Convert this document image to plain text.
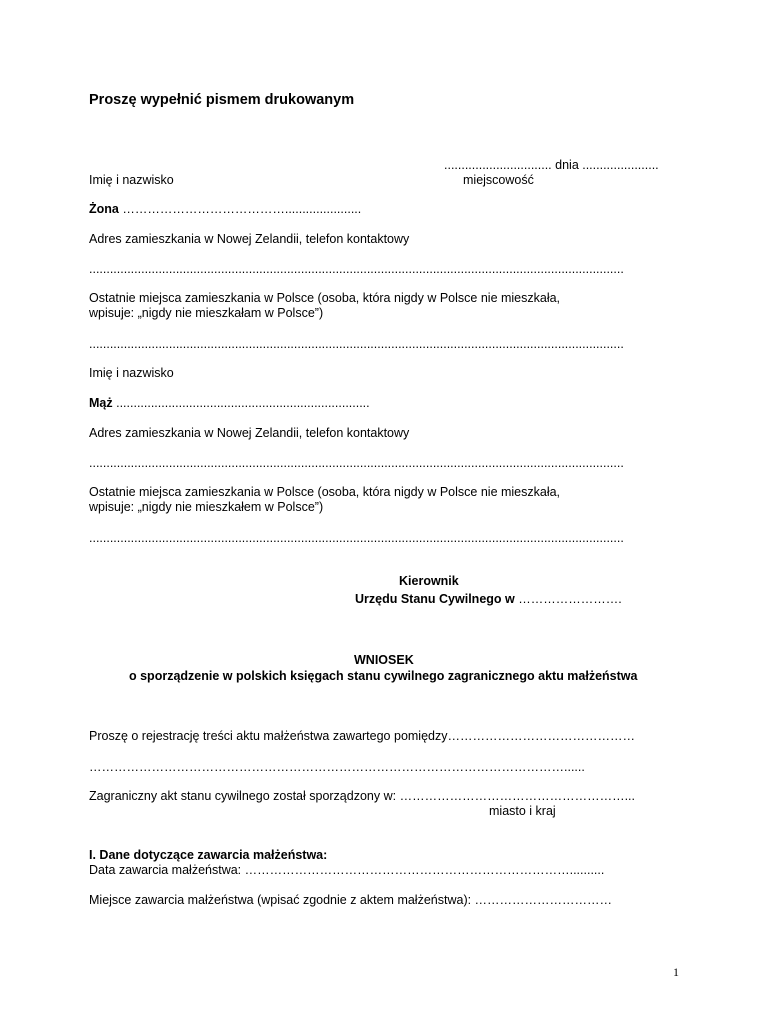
Proszę wypełnić pismem drukowanym
............................... dnia ......................
miejscowość
Imię i nazwisko
Żona …………………………………......................
Adres zamieszkania w Nowej Zelandii, telefon kontaktowy
..........................................................................................................................................................
Ostatnie miejsca zamieszkania w Polsce (osoba, która nigdy w Polsce nie mieszkała,
wpisuje: „nigdy nie mieszkałam w Polsce”)
..........................................................................................................................................................
Imię i nazwisko
Mąż .........................................................................
Adres zamieszkania w Nowej Zelandii, telefon kontaktowy
..........................................................................................................................................................
Ostatnie miejsca zamieszkania w Polsce (osoba, która nigdy w Polsce nie mieszkała,
wpisuje: „nigdy nie mieszkałem w Polsce”)
..........................................................................................................................................................
Kierownik
Urzędu Stanu Cywilnego w …………………….
WNIOSEK
o sporządzenie w polskich księgach stanu cywilnego zagranicznego aktu małżeństwa
Proszę o rejestrację treści aktu małżeństwa zawartego pomiędzy………………………………………
……………………………………………………………………………………………………......
Zagraniczny akt stanu cywilnego został sporządzony w: ………………………………………………...
miasto i kraj
I. Dane dotyczące zawarcia małżeństwa:
Data zawarcia małżeństwa: ……………………………………………………………………..........
Miejsce zawarcia małżeństwa (wpisać zgodnie z aktem małżeństwa): ……………………………
1
